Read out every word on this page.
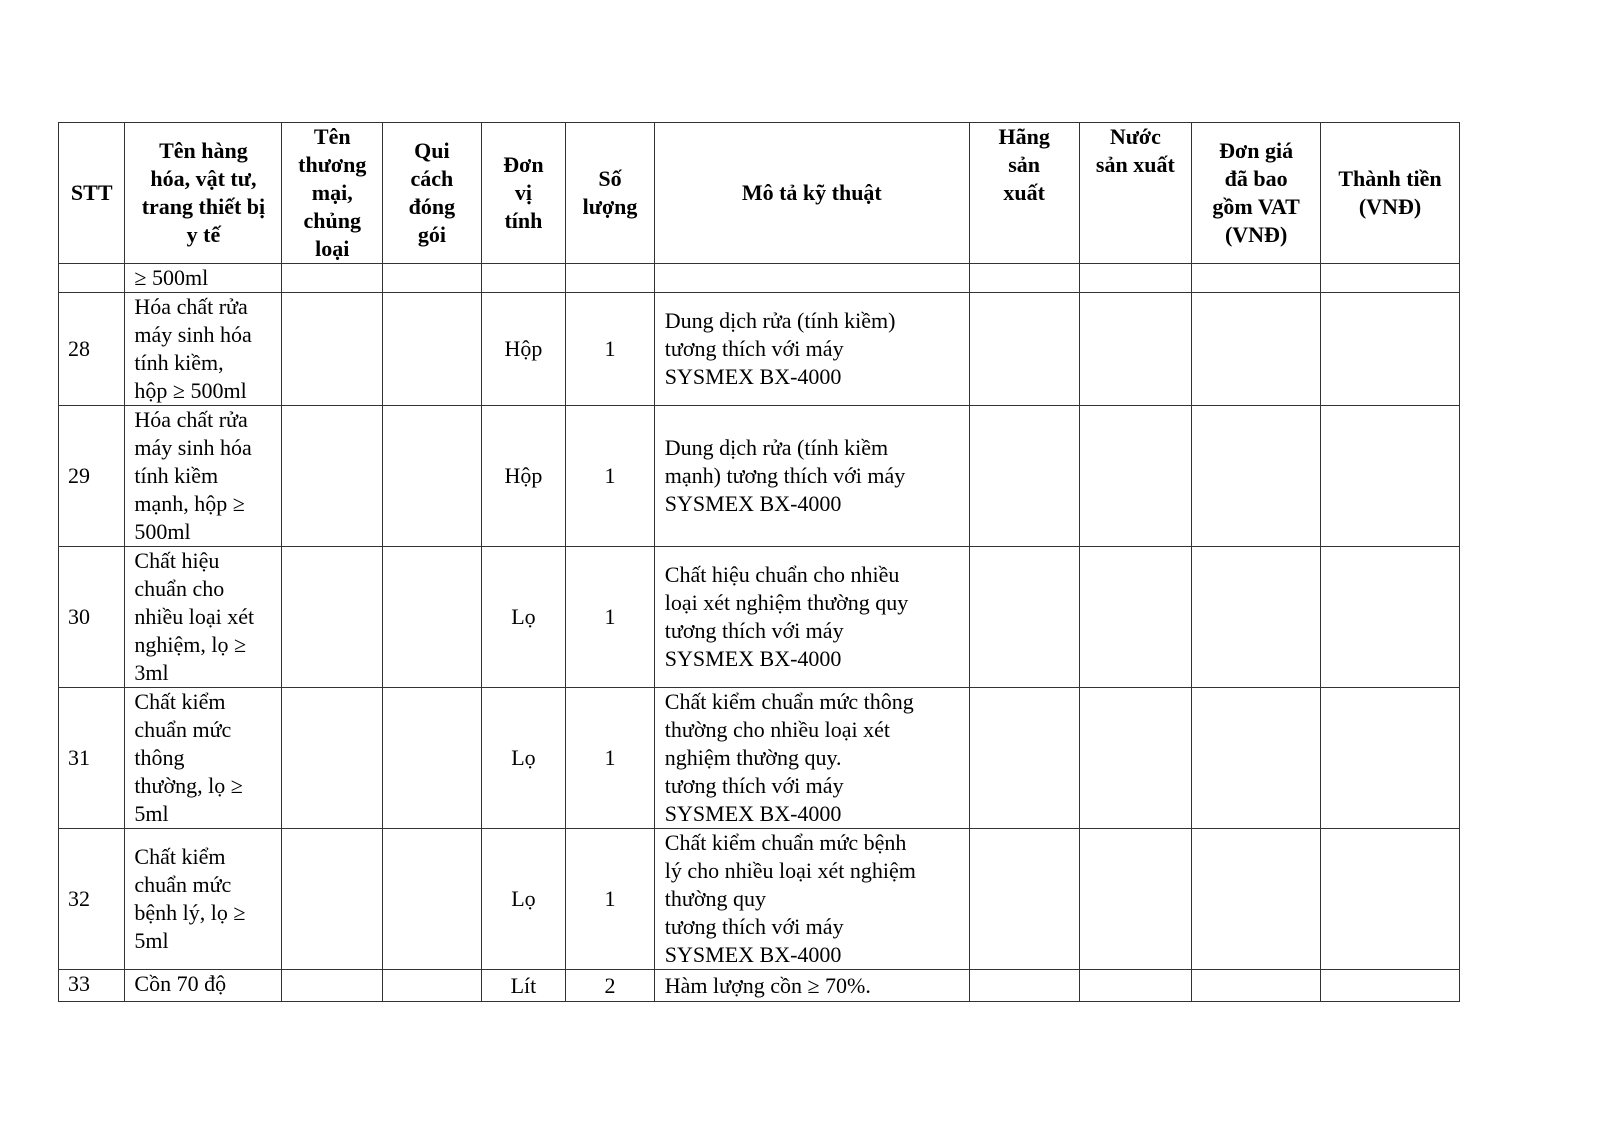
STT	Tên hàng
hóa, vật tư,
trang thiết bị
y tế	Tên
thương
mại,
chủng
loại	Qui
cách
đóng
gói	Đơn
vị
tính	Số
lượng	Mô tả kỹ thuật	Hãng
sản
xuất	Nước
sản xuất	Đơn giá
đã bao
gồm VAT
(VNĐ)	Thành tiền
(VNĐ)

	≥ 500ml									
28	Hóa chất rửa
máy sinh hóa
tính kiềm,
hộp ≥ 500ml			Hộp	1	Dung dịch rửa (tính kiềm)
tương thích với máy
SYSMEX BX-4000				

29	Hóa chất rửa
máy sinh hóa
tính kiềm
mạnh, hộp ≥
500ml			Hộp	1	Dung dịch rửa (tính kiềm
mạnh) tương thích với máy
SYSMEX BX-4000				

30	Chất hiệu
chuẩn cho
nhiều loại xét
nghiệm, lọ ≥
3ml			Lọ	1	Chất hiệu chuẩn cho nhiều
loại xét nghiệm thường quy
tương thích với máy
SYSMEX BX-4000				

31	Chất kiểm
chuẩn mức
thông
thường, lọ ≥
5ml			Lọ	1	Chất kiểm chuẩn mức thông
thường cho nhiều loại xét
nghiệm thường quy.
tương thích với máy
SYSMEX BX-4000				

32	Chất kiểm
chuẩn mức
bệnh lý, lọ ≥
5ml			Lọ	1	Chất kiểm chuẩn mức bệnh
lý cho nhiều loại xét nghiệm
thường quy
tương thích với máy
SYSMEX BX-4000				

33	Cồn 70 độ			Lít	2	Hàm lượng cồn ≥ 70%.				
